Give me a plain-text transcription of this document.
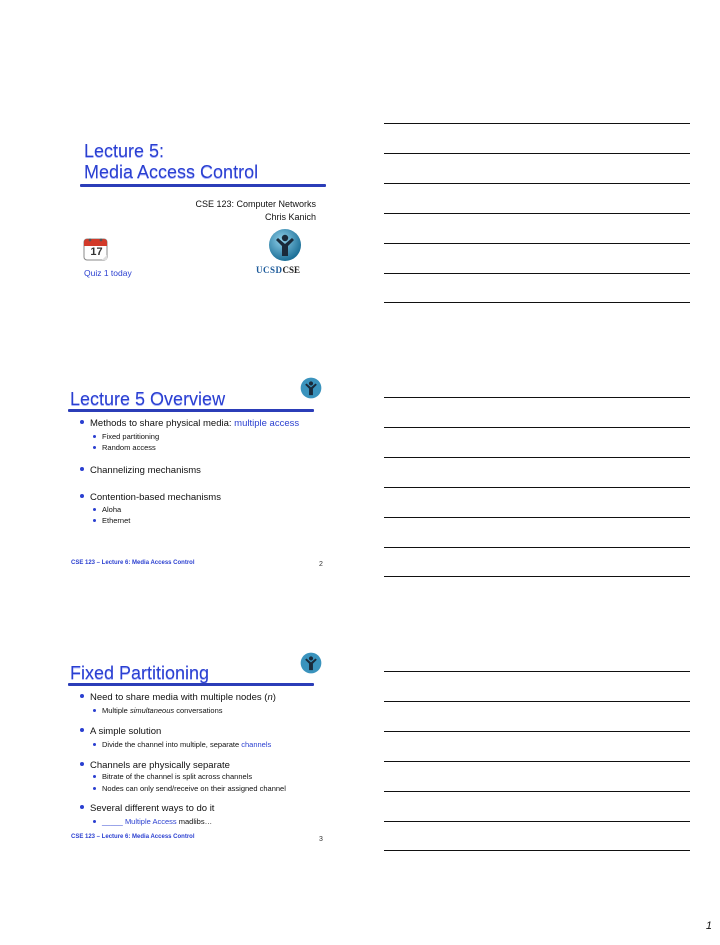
Lecture 5:
Media Access Control
CSE 123: Computer Networks
Chris Kanich
17
Quiz 1 today	UCSDCSE
Lecture 5 Overview
Methods to share physical media: multiple access
Fixed partitioning
Random access
Channelizing mechanisms
Contention-based mechanisms
Aloha
Ethernet
CSE 123 – Lecture 6: Media Access Control	2
Fixed Partitioning
Need to share media with multiple nodes (n)
Multiple simultaneous conversations
A simple solution
Divide the channel into multiple, separate channels
Channels are physically separate
Bitrate of the channel is split across channels
Nodes can only send/receive on their assigned channel
Several different ways to do it
_____ Multiple Access madlibs…
CSE 123 – Lecture 6: Media Access Control	3
1
